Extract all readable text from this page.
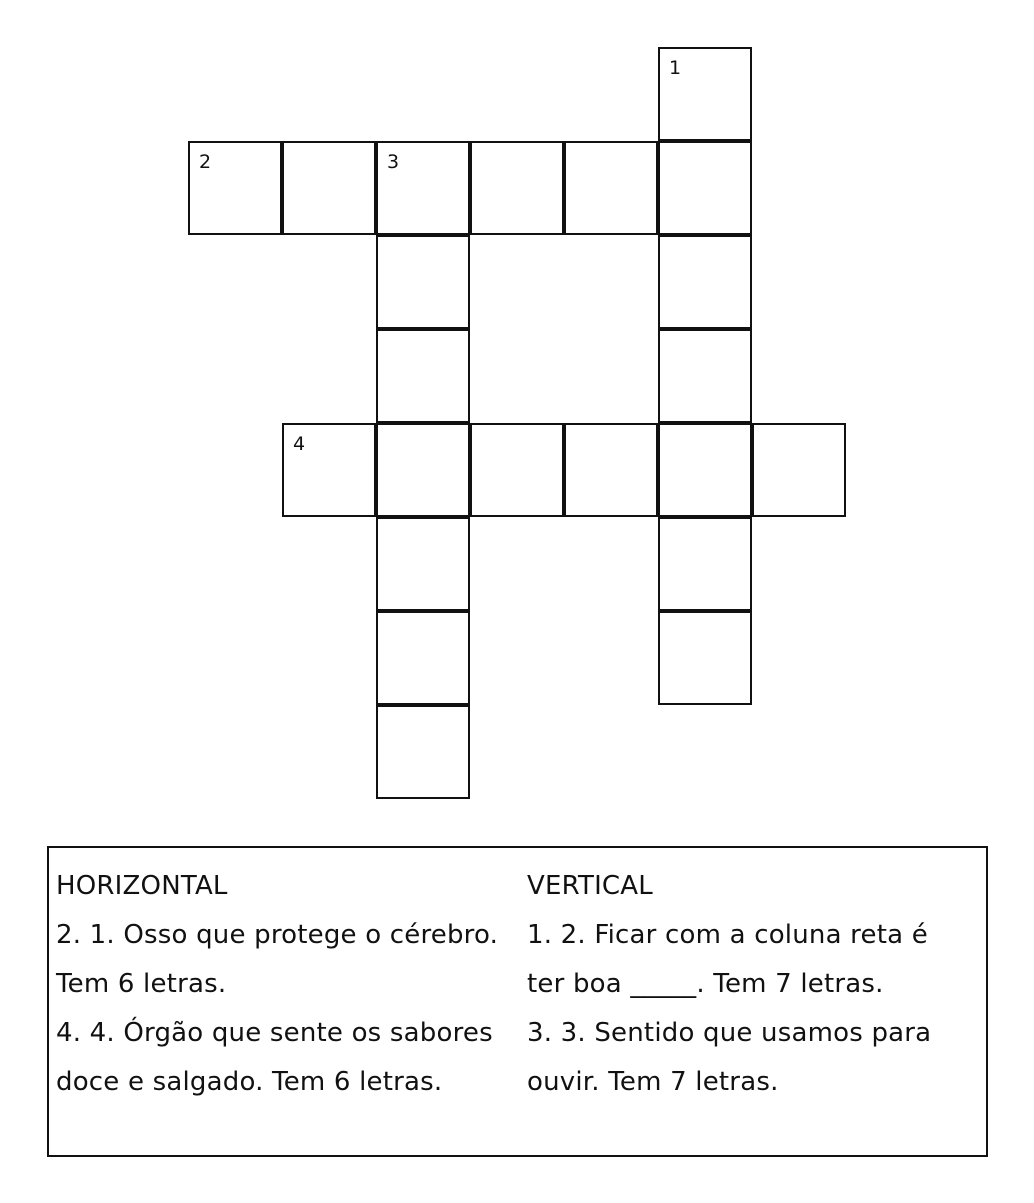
1
2	3
4
HORIZONTAL
2. 1. Osso que protege o cérebro.
Tem 6 letras.
4. 4. Órgão que sente os sabores
doce e salgado. Tem 6 letras.
VERTICAL
1. 2. Ficar com a coluna reta é
ter boa _____. Tem 7 letras.
3. 3. Sentido que usamos para
ouvir. Tem 7 letras.
